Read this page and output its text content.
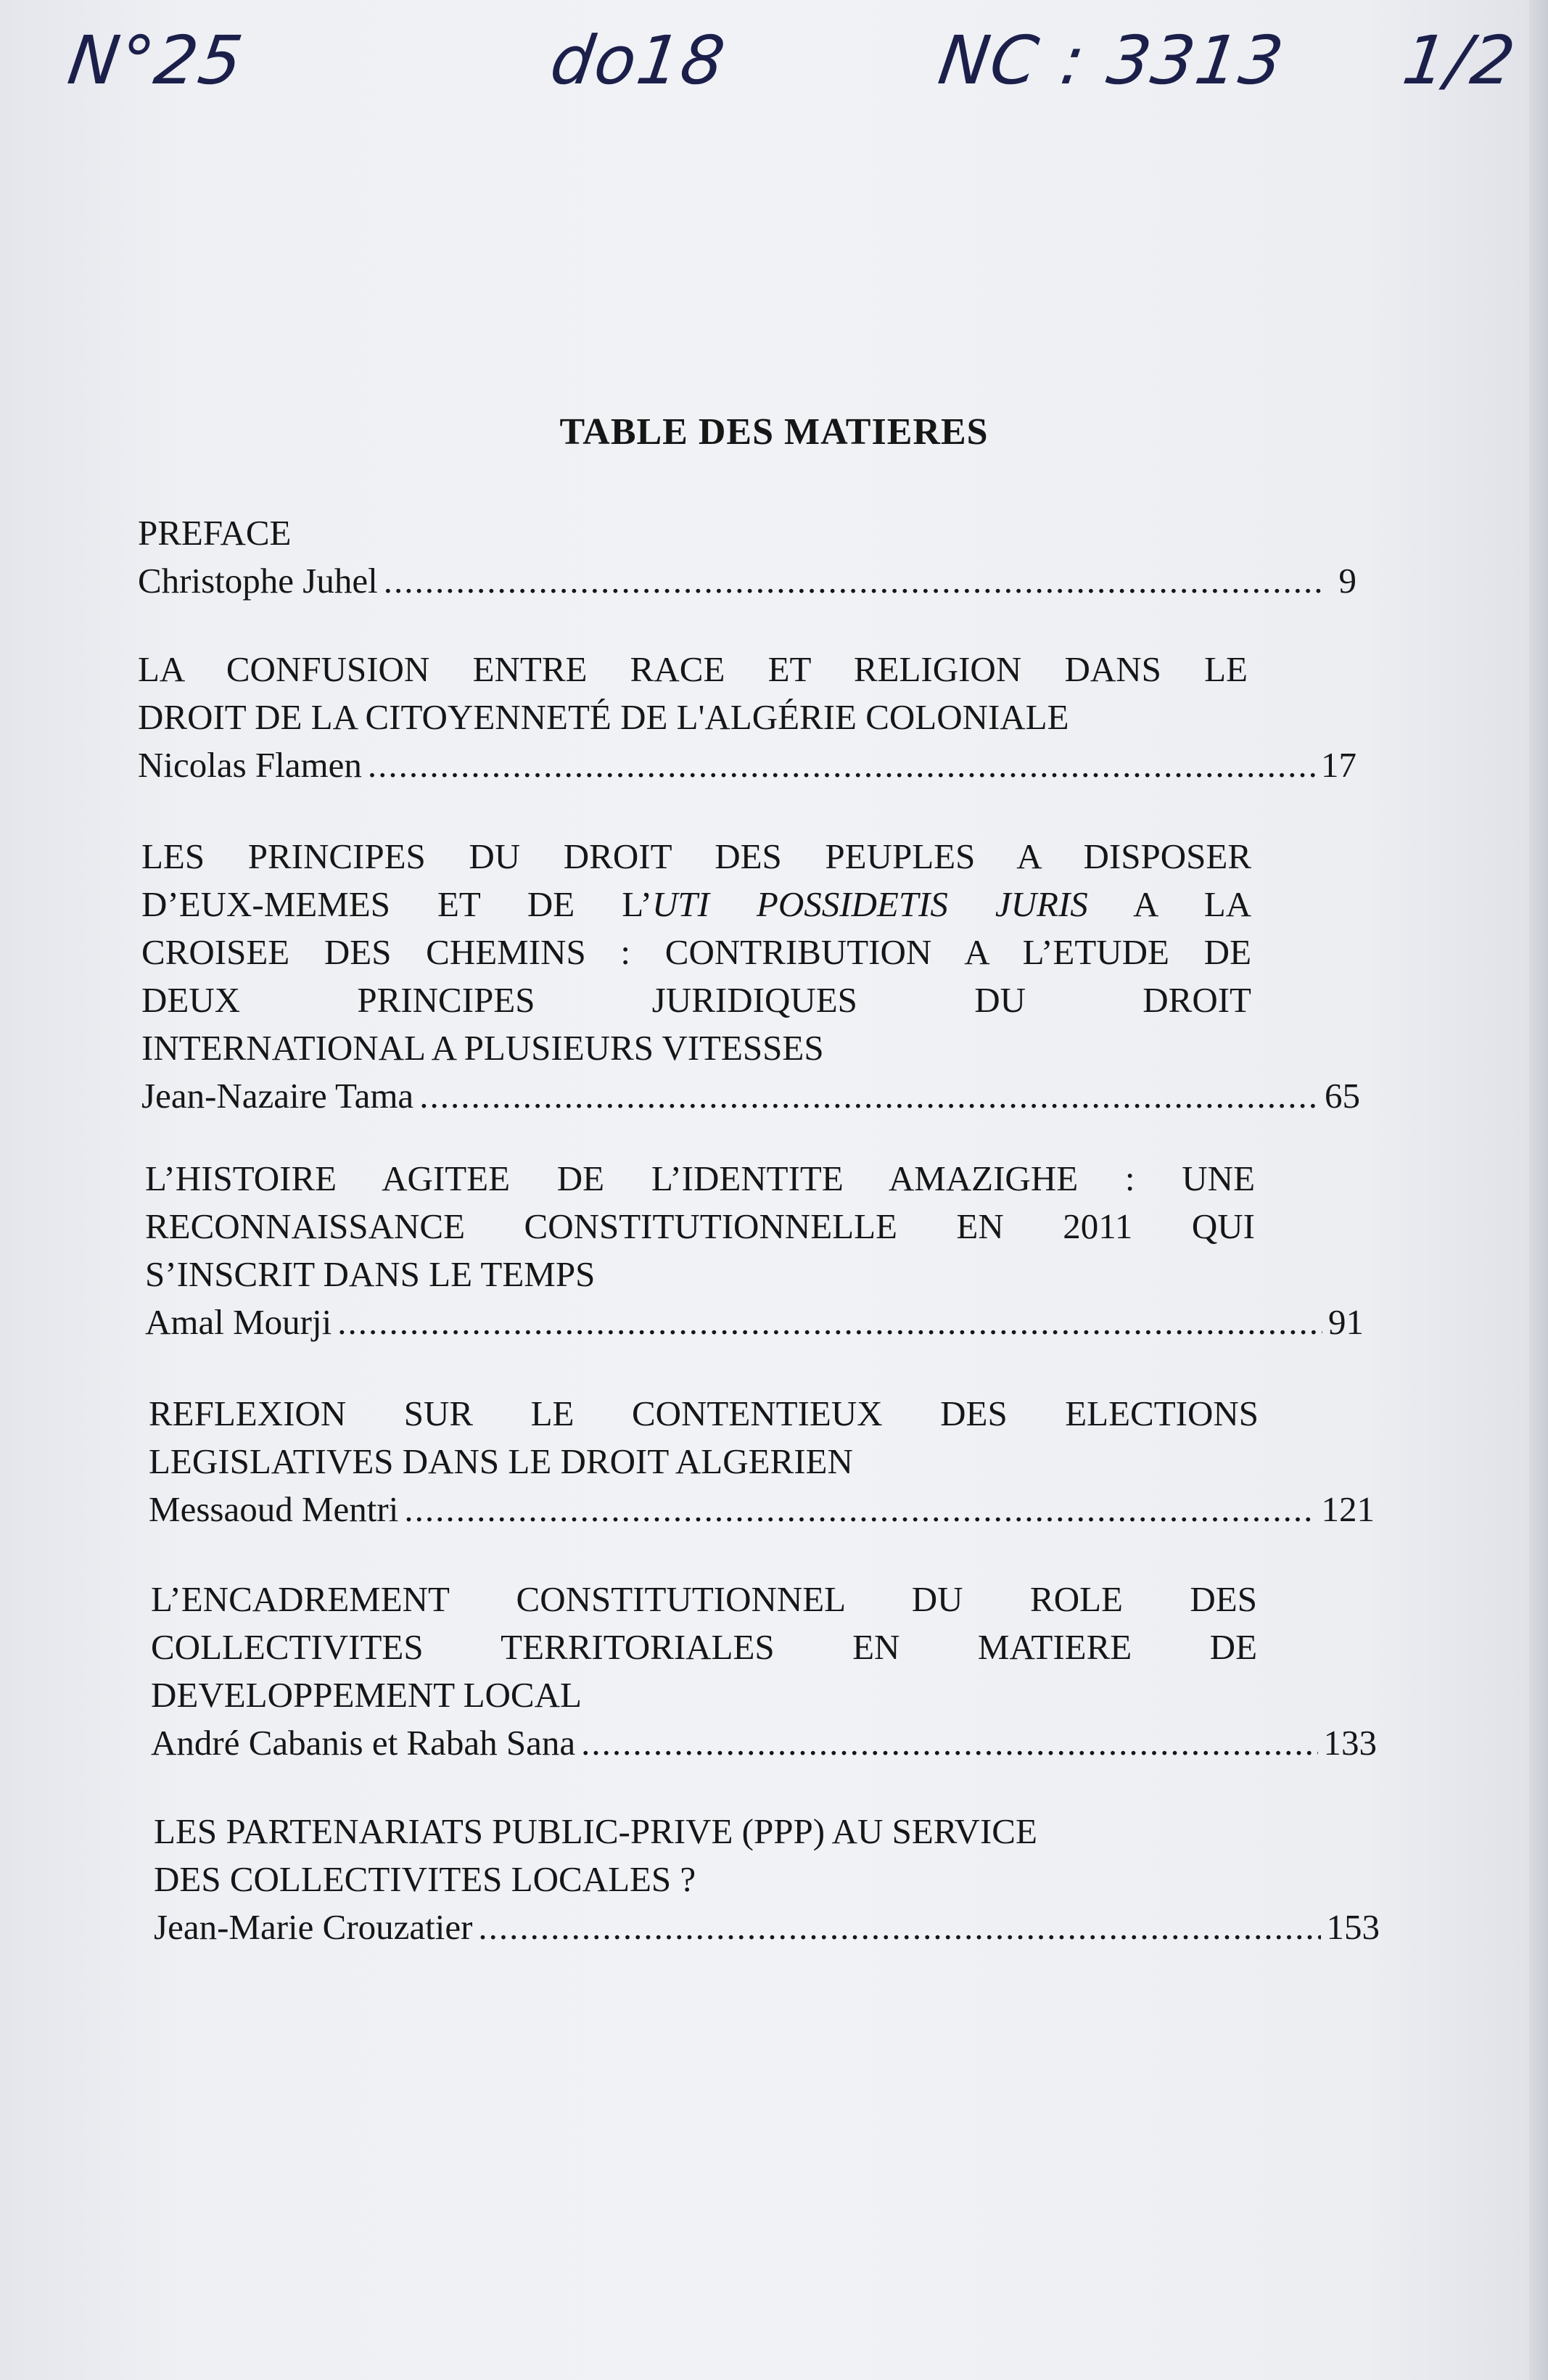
N°25	do18	NC : 3313 1/2
TABLE DES MATIERES
PREFACE
Christophe Juhel .....	9
LA CONFUSION ENTRE RACE ET RELIGION DANS LE
DROIT DE LA CITOYENNETÉ DE L'ALGÉRIE COLONIALE
Nicolas Flamen .....	17
LES PRINCIPES DU DROIT DES PEUPLES A DISPOSER
D’EUX-MEMES ET DE L’UTI POSSIDETIS JURIS A LA
CROISEE DES CHEMINS : CONTRIBUTION A L’ETUDE DE
DEUX PRINCIPES JURIDIQUES DU DROIT
INTERNATIONAL A PLUSIEURS VITESSES
Jean-Nazaire Tama .....	65
L’HISTOIRE AGITEE DE L’IDENTITE AMAZIGHE : UNE
RECONNAISSANCE CONSTITUTIONNELLE EN 2011 QUI
S’INSCRIT DANS LE TEMPS
Amal Mourji .....	91
REFLEXION SUR LE CONTENTIEUX DES ELECTIONS
LEGISLATIVES DANS LE DROIT ALGERIEN
Messaoud Mentri .....	121
L’ENCADREMENT CONSTITUTIONNEL DU ROLE DES
COLLECTIVITES TERRITORIALES EN MATIERE DE
DEVELOPPEMENT LOCAL
André Cabanis et Rabah Sana .....	133
LES PARTENARIATS PUBLIC-PRIVE (PPP) AU SERVICE
DES COLLECTIVITES LOCALES ?
Jean-Marie Crouzatier .....	153
